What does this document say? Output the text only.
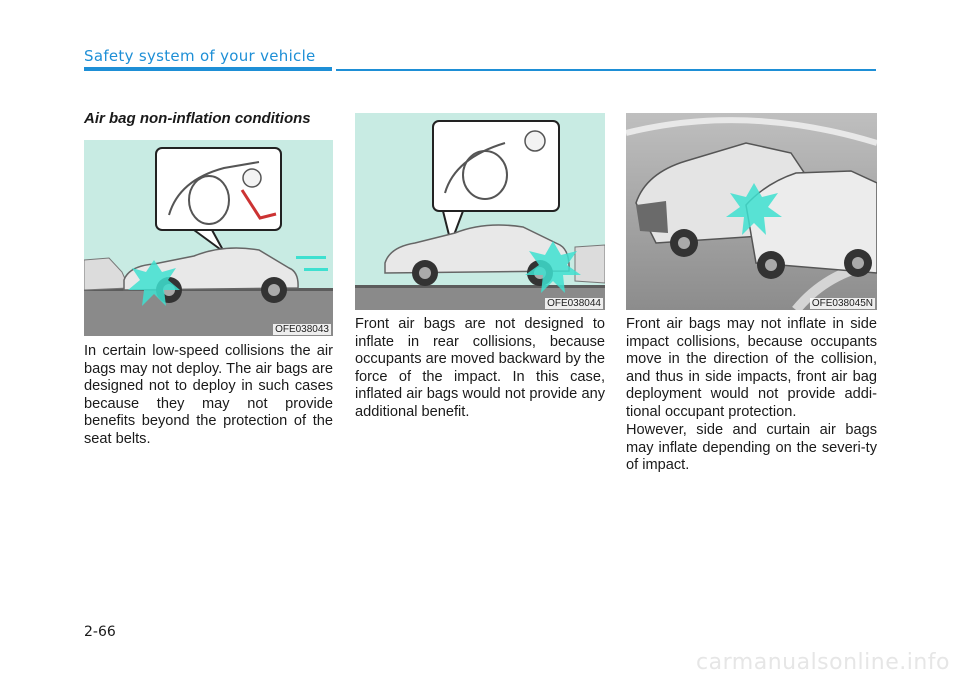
Safety system of your vehicle
Air bag non-inflation conditions
OFE038043
OFE038044	OFE038045N

In certain low-speed collisions the air bags may not deploy. The air bags are designed not to deploy in such cases because they may not provide benefits beyond the protection of the seat belts.

Front air bags are not designed to inflate in rear collisions, because occupants are moved backward by the force of the impact. In this case, inflated air bags would not provide any additional benefit.

Front air bags may not inflate in side impact collisions, because occupants move in the direction of the collision, and thus in side impacts, front air bag deployment would not provide addi-tional occupant protection.

However, side and curtain air bags may inflate depending on the severi-ty of impact.

2-66
carmanualsonline.info
